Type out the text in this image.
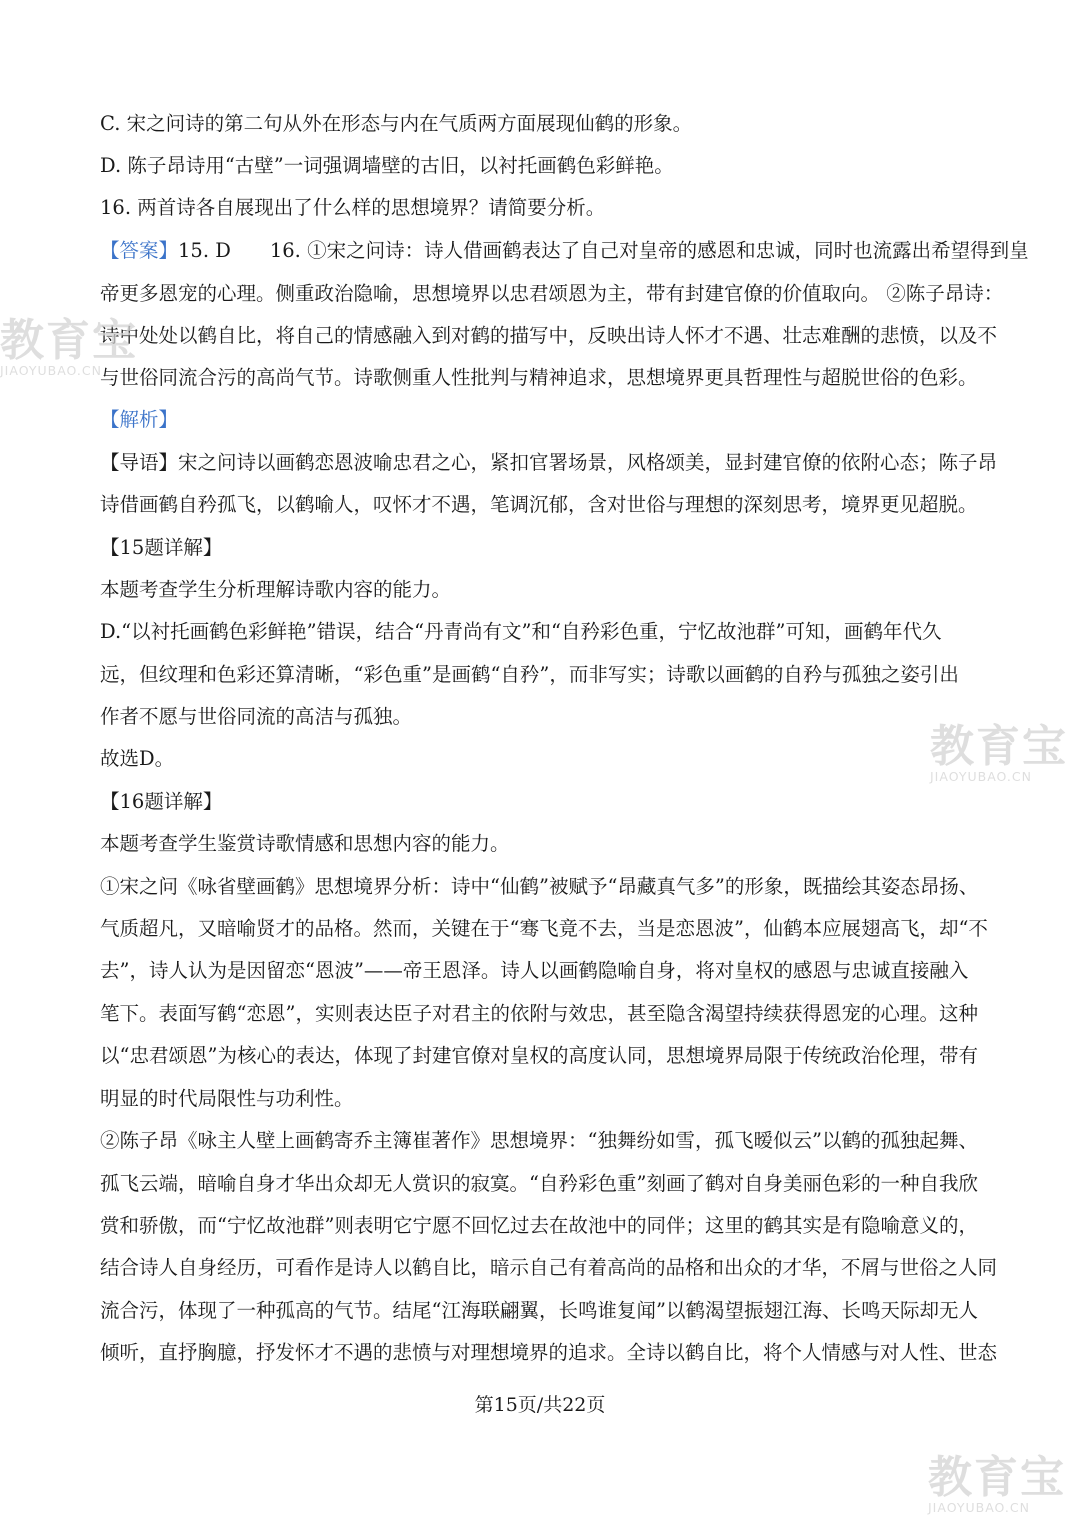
C. 宋之问诗的第二句从外在形态与内在气质两方面展现仙鹤的形象。
D. 陈子昂诗用“古壁”一词强调墙壁的古旧，以衬托画鹤色彩鲜艳。
16. 两首诗各自展现出了什么样的思想境界？请简要分析。
【答案】15. D　　16. ①宋之问诗：诗人借画鹤表达了自己对皇帝的感恩和忠诚，同时也流露出希望得到皇
帝更多恩宠的心理。侧重政治隐喻，思想境界以忠君颂恩为主，带有封建官僚的价值取向。 ②陈子昂诗：
诗中处处以鹤自比，将自己的情感融入到对鹤的描写中，反映出诗人怀才不遇、壮志难酬的悲愤，以及不
与世俗同流合污的高尚气节。诗歌侧重人性批判与精神追求，思想境界更具哲理性与超脱世俗的色彩。
【解析】
【导语】宋之问诗以画鹤恋恩波喻忠君之心，紧扣官署场景，风格颂美，显封建官僚的依附心态；陈子昂
诗借画鹤自矜孤飞，以鹤喻人，叹怀才不遇，笔调沉郁，含对世俗与理想的深刻思考，境界更见超脱。
【15题详解】
本题考查学生分析理解诗歌内容的能力。
D.“以衬托画鹤色彩鲜艳”错误，结合“丹青尚有文”和“自矜彩色重，宁忆故池群”可知，画鹤年代久
远，但纹理和色彩还算清晰，“彩色重”是画鹤“自矜”，而非写实；诗歌以画鹤的自矜与孤独之姿引出
作者不愿与世俗同流的高洁与孤独。
故选D。
【16题详解】
本题考查学生鉴赏诗歌情感和思想内容的能力。
①宋之问《咏省壁画鹤》思想境界分析：诗中“仙鹤”被赋予“昂藏真气多”的形象，既描绘其姿态昂扬、
气质超凡，又暗喻贤才的品格。然而，关键在于“骞飞竟不去，当是恋恩波”，仙鹤本应展翅高飞，却“不
去”，诗人认为是因留恋“恩波”——帝王恩泽。诗人以画鹤隐喻自身，将对皇权的感恩与忠诚直接融入
笔下。表面写鹤“恋恩”，实则表达臣子对君主的依附与效忠，甚至隐含渴望持续获得恩宠的心理。这种
以“忠君颂恩”为核心的表达，体现了封建官僚对皇权的高度认同，思想境界局限于传统政治伦理，带有
明显的时代局限性与功利性。
②陈子昂《咏主人壁上画鹤寄乔主簿崔著作》思想境界：“独舞纷如雪，孤飞暧似云”以鹤的孤独起舞、
孤飞云端，暗喻自身才华出众却无人赏识的寂寞。“自矜彩色重”刻画了鹤对自身美丽色彩的一种自我欣
赏和骄傲，而“宁忆故池群”则表明它宁愿不回忆过去在故池中的同伴；这里的鹤其实是有隐喻意义的，
结合诗人自身经历，可看作是诗人以鹤自比，暗示自己有着高尚的品格和出众的才华，不屑与世俗之人同
流合污，体现了一种孤高的气节。结尾“江海联翩翼，长鸣谁复闻”以鹤渴望振翅江海、长鸣天际却无人
倾听，直抒胸臆，抒发怀才不遇的悲愤与对理想境界的追求。全诗以鹤自比，将个人情感与对人性、世态
第15页/共22页
教育宝
JIAOYUBAO.CN
教育宝
JIAOYUBAO.CN
教育宝
JIAOYUBAO.CN
